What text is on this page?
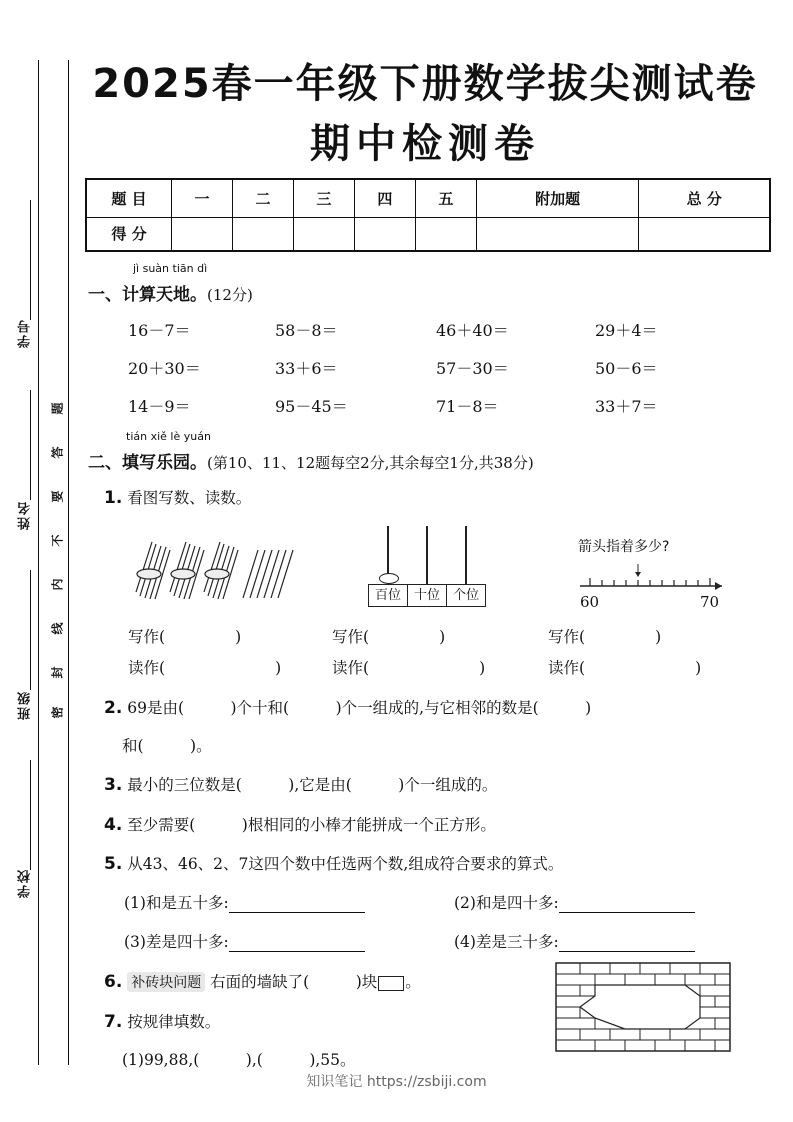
学号
姓名
班级
学校
题
答
要
不
内
线
封
密
2025春一年级下册数学拔尖测试卷
期中检测卷
题 目	一	二	三	四	五	附加题	总 分
得 分							
jì suàn tiān dì
一、计算天地。(12分)
16－7＝	58－8＝	46＋40＝	29＋4＝
20＋30＝	33＋6＝	57－30＝	50－6＝
14－9＝	95－45＝	71－8＝	33＋7＝
tián xiě lè yuán
二、填写乐园。(第10、11、12题每空2分,其余每空1分,共38分)
1. 看图写数、读数。
百位 十位 个位
箭头指着多少?
60	70
写作(	)	写作(	)	写作(	)
读作(	)	读作(	)	读作(	)
2. 69是由(　　　)个十和(　　　)个一组成的,与它相邻的数是(　　　)
和(　　　)。
3. 最小的三位数是(　　　),它是由(　　　)个一组成的。
4. 至少需要(　　　)根相同的小棒才能拼成一个正方形。
5. 从43、46、2、7这四个数中任选两个数,组成符合要求的算式。
(1)和是五十多:	(2)和是四十多:
(3)差是四十多:	(4)差是三十多:
6. 补砖块问题 右面的墙缺了(　　　)块 。
7. 按规律填数。
(1)99,88,(　　　),(　　　),55。
知识笔记 https://zsbiji.com
